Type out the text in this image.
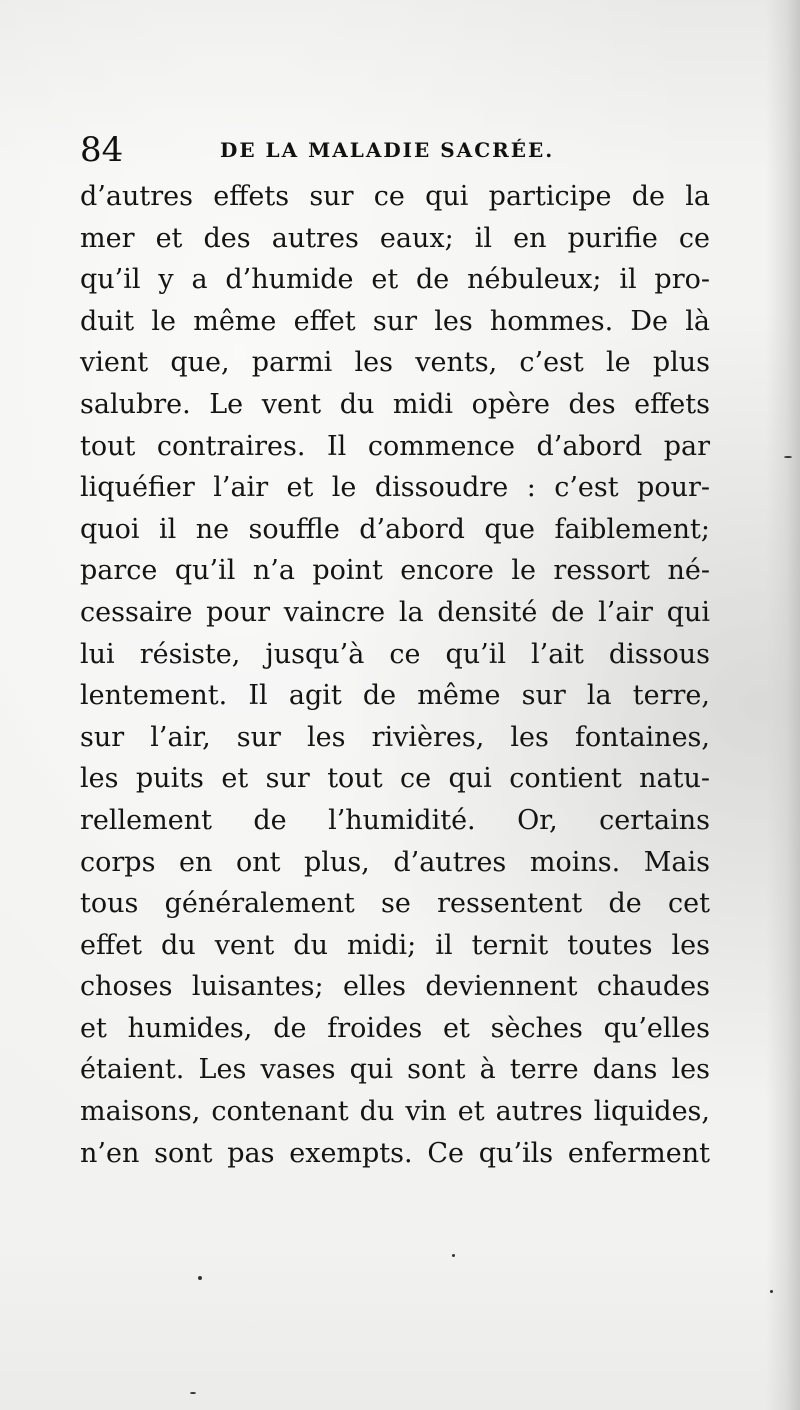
84	DE LA MALADIE SACRÉE.
d’autres effets sur ce qui participe de la
mer et des autres eaux; il en purifie ce
qu’il y a d’humide et de nébuleux; il pro-
duit le même effet sur les hommes. De là
vient que, parmi les vents, c’est le plus
salubre. Le vent du midi opère des effets
tout contraires. Il commence d’abord par
liquéfier l’air et le dissoudre : c’est pour-
quoi il ne souffle d’abord que faiblement;
parce qu’il n’a point encore le ressort né-
cessaire pour vaincre la densité de l’air qui
lui résiste, jusqu’à ce qu’il l’ait dissous
lentement. Il agit de même sur la terre,
sur l’air, sur les rivières, les fontaines,
les puits et sur tout ce qui contient natu-
rellement de l’humidité. Or, certains
corps en ont plus, d’autres moins. Mais
tous généralement se ressentent de cet
effet du vent du midi; il ternit toutes les
choses luisantes; elles deviennent chaudes
et humides, de froides et sèches qu’elles
étaient. Les vases qui sont à terre dans les
maisons, contenant du vin et autres liquides,
n’en sont pas exempts. Ce qu’ils enferment
